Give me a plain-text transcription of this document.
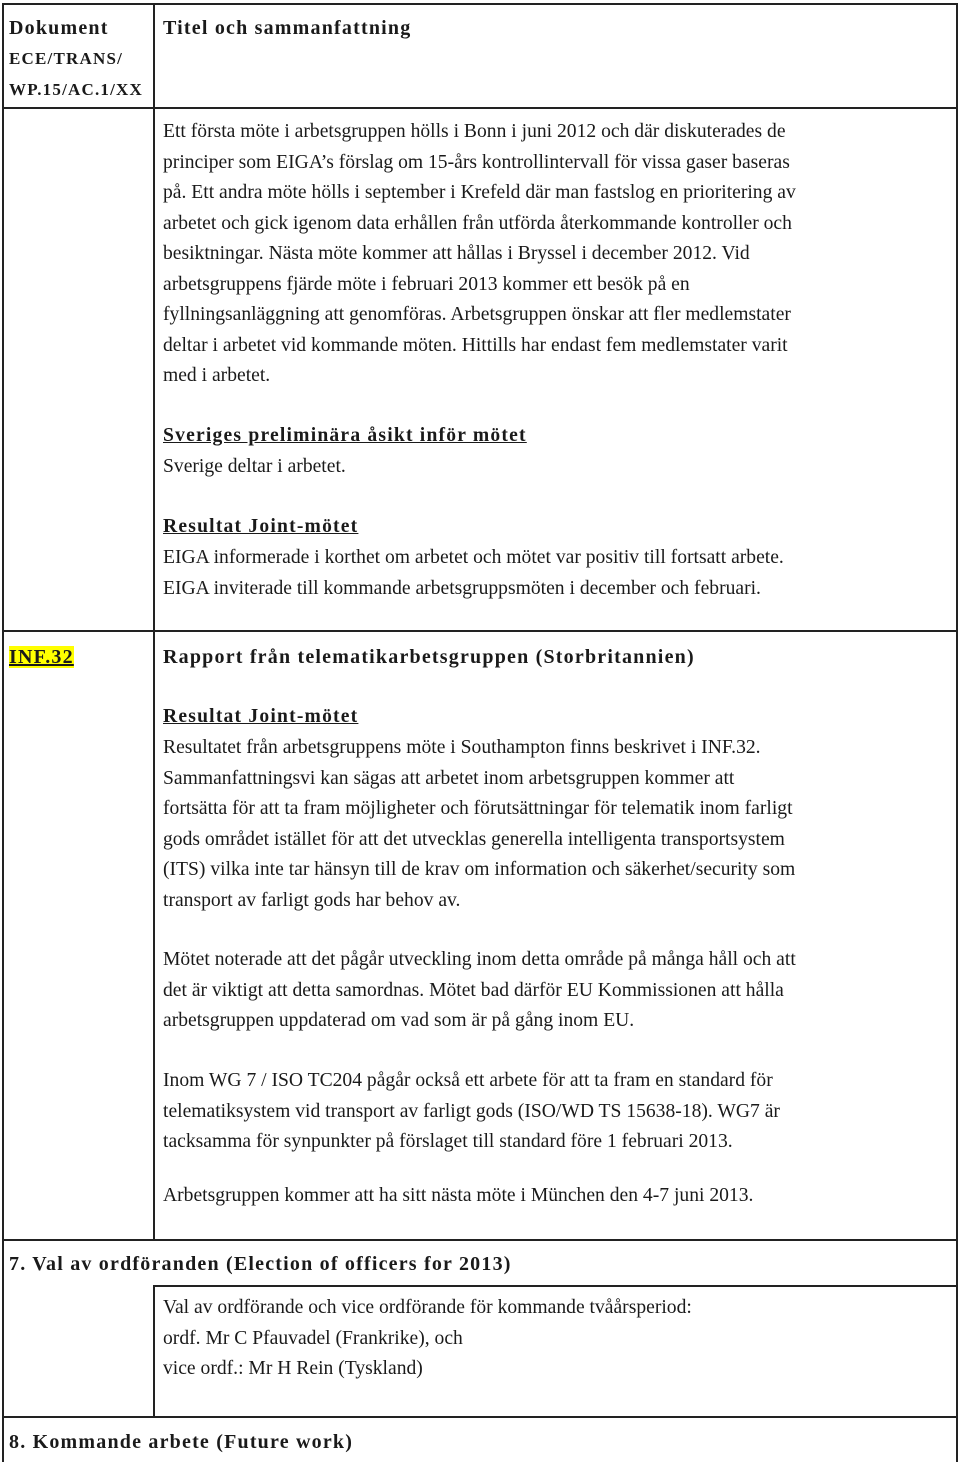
Dokument
ECE/TRANS/
WP.15/AC.1/XX
Titel och sammanfattning
Ett första möte i arbetsgruppen hölls i Bonn i juni 2012 och där diskuterades de
principer som EIGA’s förslag om 15-års kontrollintervall för vissa gaser baseras
på. Ett andra möte hölls i september i Krefeld där man fastslog en prioritering av
arbetet och gick igenom data erhållen från utförda återkommande kontroller och
besiktningar. Nästa möte kommer att hållas i Bryssel i december 2012. Vid
arbetsgruppens fjärde möte i februari 2013 kommer ett besök på en
fyllningsanläggning att genomföras. Arbetsgruppen önskar att fler medlemstater
deltar i arbetet vid kommande möten. Hittills har endast fem medlemstater varit
med i arbetet.
Sveriges preliminära åsikt inför mötet
Sverige deltar i arbetet.
Resultat Joint-mötet
EIGA informerade i korthet om arbetet och mötet var positiv till fortsatt arbete.
EIGA inviterade till kommande arbetsgruppsmöten i december och februari.
INF.32	Rapport från telematikarbetsgruppen (Storbritannien)
Resultat Joint-mötet
Resultatet från arbetsgruppens möte i Southampton finns beskrivet i INF.32.
Sammanfattningsvi kan sägas att arbetet inom arbetsgruppen kommer att
fortsätta för att ta fram möjligheter och förutsättningar för telematik inom farligt
gods området istället för att det utvecklas generella intelligenta transportsystem
(ITS) vilka inte tar hänsyn till de krav om information och säkerhet/security som
transport av farligt gods har behov av.
Mötet noterade att det pågår utveckling inom detta område på många håll och att
det är viktigt att detta samordnas. Mötet bad därför EU Kommissionen att hålla
arbetsgruppen uppdaterad om vad som är på gång inom EU.
Inom WG 7 / ISO TC204 pågår också ett arbete för att ta fram en standard för
telematiksystem vid transport av farligt gods (ISO/WD TS 15638-18). WG7 är
tacksamma för synpunkter på förslaget till standard före 1 februari 2013.
Arbetsgruppen kommer att ha sitt nästa möte i München den 4-7 juni 2013.
7. Val av ordföranden (Election of officers for 2013)
Val av ordförande och vice ordförande för kommande tvåårsperiod:
ordf. Mr C Pfauvadel (Frankrike), och
vice ordf.: Mr H Rein (Tyskland)
8. Kommande arbete (Future work)
